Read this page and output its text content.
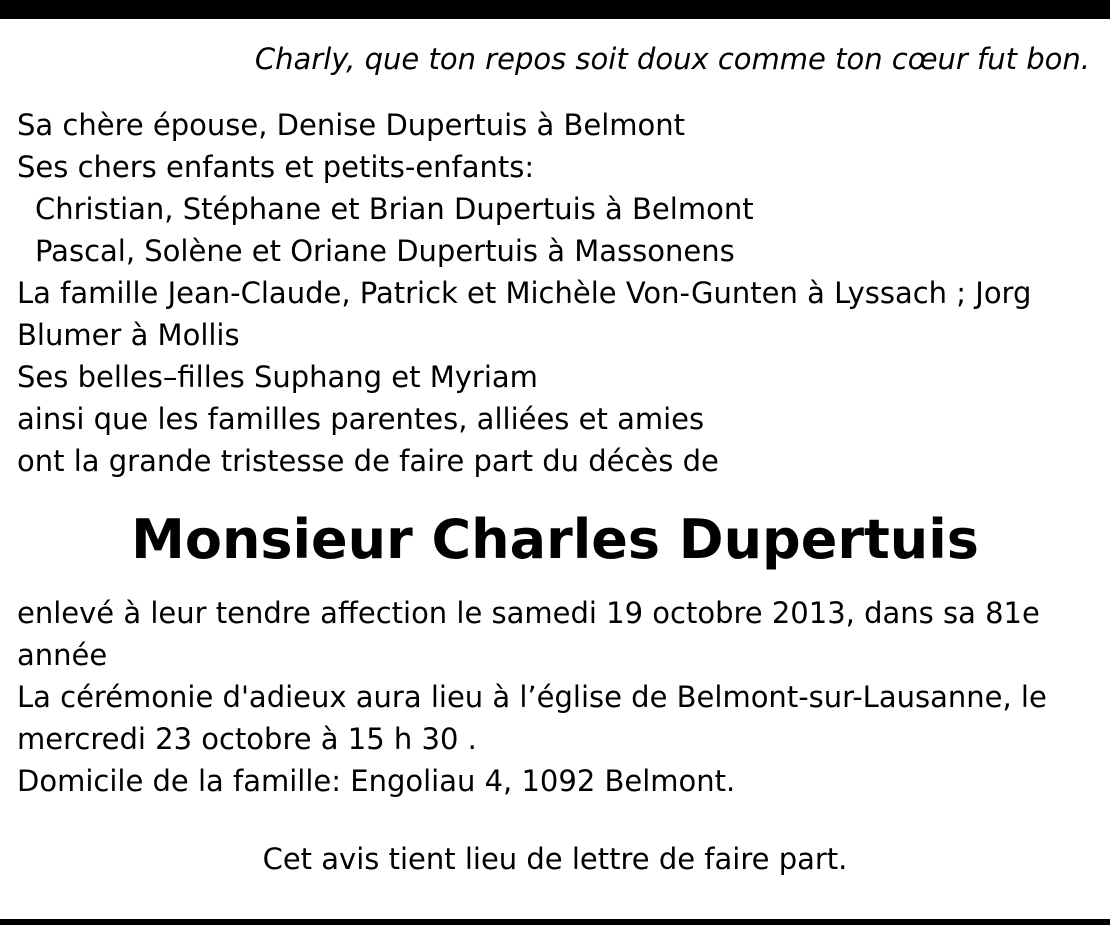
Charly, que ton repos soit doux comme ton cœur fut bon.
Sa chère épouse, Denise Dupertuis à Belmont
Ses chers enfants et petits-enfants:
Christian, Stéphane et Brian Dupertuis à Belmont
Pascal, Solène et Oriane Dupertuis à Massonens
La famille Jean-Claude, Patrick et Michèle Von-Gunten à Lyssach ; Jorg
Blumer à Mollis
Ses belles–filles Suphang et Myriam
ainsi que les familles parentes, alliées et amies
ont la grande tristesse de faire part du décès de
Monsieur Charles Dupertuis
enlevé à leur tendre affection le samedi 19 octobre 2013, dans sa 81e
année
La cérémonie d'adieux aura lieu à l’église de Belmont-sur-Lausanne, le
mercredi 23 octobre à 15 h 30 .
Domicile de la famille: Engoliau 4, 1092 Belmont.
Cet avis tient lieu de lettre de faire part.
